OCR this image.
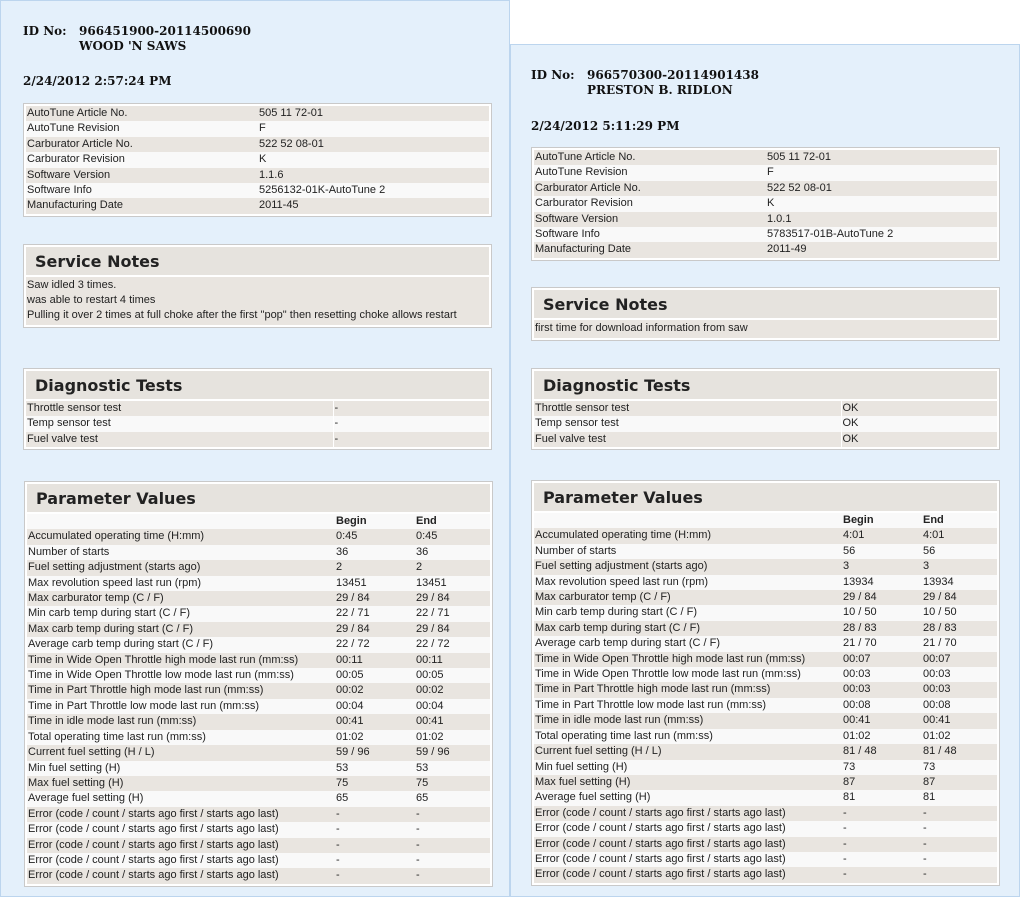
ID No: 966451900-20114500690
WOOD 'N SAWS
2/24/2012 2:57:24 PM
AutoTune Article No.	505 11 72-01
AutoTune Revision	F
Carburator Article No.	522 52 08-01
Carburator Revision	K
Software Version	1.1.6
Software Info	5256132-01K-AutoTune 2
Manufacturing Date	2011-45
Service Notes
Saw idled 3 times.
was able to restart 4 times
Pulling it over 2 times at full choke after the first "pop" then resetting choke allows restart
Diagnostic Tests
Throttle sensor test	-
Temp sensor test	-
Fuel valve test	-
Parameter Values
	Begin	End
Accumulated operating time (H:mm)	0:45	0:45
Number of starts	36	36
Fuel setting adjustment (starts ago)	2	2
Max revolution speed last run (rpm)	13451	13451
Max carburator temp (C / F)	29 / 84	29 / 84
Min carb temp during start (C / F)	22 / 71	22 / 71
Max carb temp during start (C / F)	29 / 84	29 / 84
Average carb temp during start (C / F)	22 / 72	22 / 72
Time in Wide Open Throttle high mode last run (mm:ss)	00:11	00:11
Time in Wide Open Throttle low mode last run (mm:ss)	00:05	00:05
Time in Part Throttle high mode last run (mm:ss)	00:02	00:02
Time in Part Throttle low mode last run (mm:ss)	00:04	00:04
Time in idle mode last run (mm:ss)	00:41	00:41
Total operating time last run (mm:ss)	01:02	01:02
Current fuel setting (H / L)	59 / 96	59 / 96
Min fuel setting (H)	53	53
Max fuel setting (H)	75	75
Average fuel setting (H)	65	65
Error (code / count / starts ago first / starts ago last)	-	-
Error (code / count / starts ago first / starts ago last)	-	-
Error (code / count / starts ago first / starts ago last)	-	-
Error (code / count / starts ago first / starts ago last)	-	-
Error (code / count / starts ago first / starts ago last)	-	-
ID No: 966570300-20114901438
PRESTON B. RIDLON
2/24/2012 5:11:29 PM
AutoTune Article No.	505 11 72-01
AutoTune Revision	F
Carburator Article No.	522 52 08-01
Carburator Revision	K
Software Version	1.0.1
Software Info	5783517-01B-AutoTune 2
Manufacturing Date	2011-49
Service Notes
first time for download information from saw
Diagnostic Tests
Throttle sensor test	OK
Temp sensor test	OK
Fuel valve test	OK
Parameter Values
	Begin	End
Accumulated operating time (H:mm)	4:01	4:01
Number of starts	56	56
Fuel setting adjustment (starts ago)	3	3
Max revolution speed last run (rpm)	13934	13934
Max carburator temp (C / F)	29 / 84	29 / 84
Min carb temp during start (C / F)	10 / 50	10 / 50
Max carb temp during start (C / F)	28 / 83	28 / 83
Average carb temp during start (C / F)	21 / 70	21 / 70
Time in Wide Open Throttle high mode last run (mm:ss)	00:07	00:07
Time in Wide Open Throttle low mode last run (mm:ss)	00:03	00:03
Time in Part Throttle high mode last run (mm:ss)	00:03	00:03
Time in Part Throttle low mode last run (mm:ss)	00:08	00:08
Time in idle mode last run (mm:ss)	00:41	00:41
Total operating time last run (mm:ss)	01:02	01:02
Current fuel setting (H / L)	81 / 48	81 / 48
Min fuel setting (H)	73	73
Max fuel setting (H)	87	87
Average fuel setting (H)	81	81
Error (code / count / starts ago first / starts ago last)	-	-
Error (code / count / starts ago first / starts ago last)	-	-
Error (code / count / starts ago first / starts ago last)	-	-
Error (code / count / starts ago first / starts ago last)	-	-
Error (code / count / starts ago first / starts ago last)	-	-
